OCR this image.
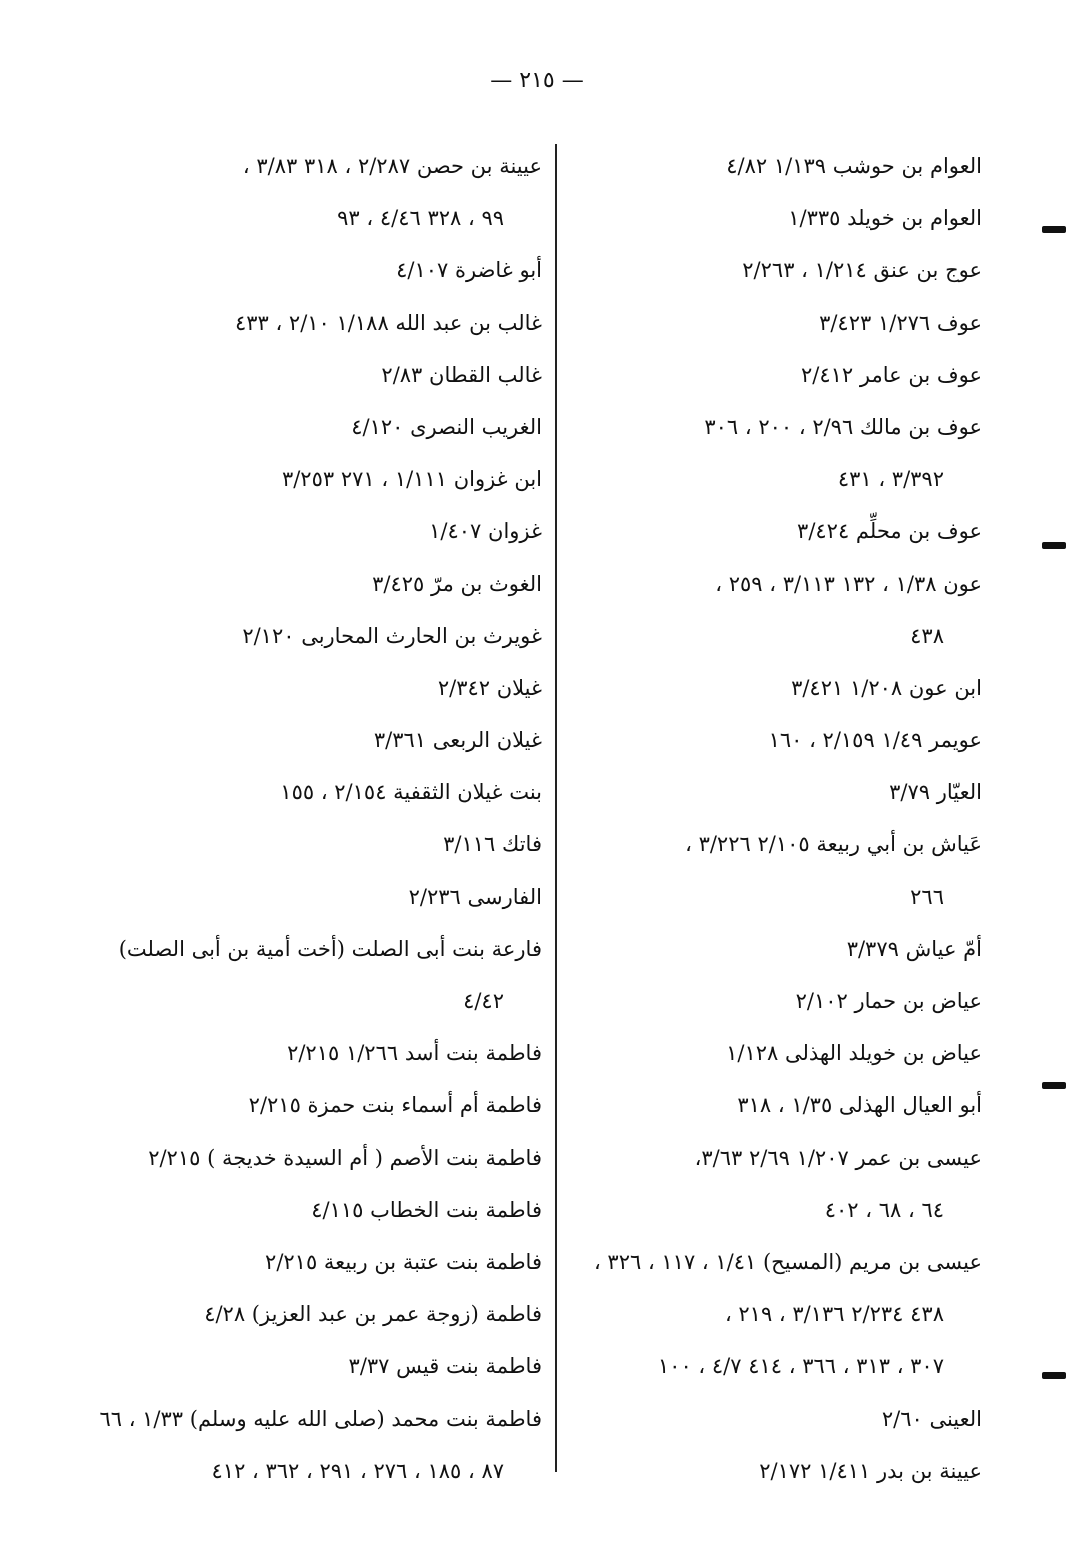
— ٢١٥ —
العوام بن حوشب ١/١٣٩ ٤/٨٢
العوام بن خويلد ١/٣٣٥
عوج بن عنق ١/٢١٤ ، ٢/٢٦٣
عوف ١/٢٧٦ ٣/٤٢٣
عوف بن عامر ٢/٤١٢
عوف بن مالك ٢/٩٦ ، ٢٠٠ ، ٣٠٦
٣/٣٩٢ ، ٤٣١
عوف بن محلِّم ٣/٤٢٤
عون ١/٣٨ ، ١٣٢ ٣/١١٣ ، ٢٥٩ ،
٤٣٨
ابن عون ١/٢٠٨ ٣/٤٢١
عويمر ١/٤٩ ٢/١٥٩ ، ١٦٠
العيّار ٣/٧٩
عَياش بن أبي ربيعة ٢/١٠٥ ٣/٢٢٦ ،
٢٦٦
أمّ عياش ٣/٣٧٩
عياض بن حمار ٢/١٠٢
عياض بن خويلد الهذلى ١/١٢٨
أبو العيال الهذلى ١/٣٥ ، ٣١٨
عيسى بن عمر ١/٢٠٧ ٢/٦٩ ٣/٦٣،
٦٤ ، ٦٨ ، ٤٠٢
عيسى بن مريم (المسيح) ١/٤١ ، ١١٧ ، ٣٢٦ ،
٤٣٨ ٢/٢٣٤ ٣/١٣٦ ، ٢١٩ ،
٣٠٧ ، ٣١٣ ، ٣٦٦ ، ٤١٤ ٤/٧ ، ١٠٠
العينى ٢/٦٠
عيينة بن بدر ١/٤١١ ٢/١٧٢
عيينة بن حصن ٢/٢٨٧ ، ٣١٨ ٣/٨٣ ،
٩٩ ، ٣٢٨ ٤/٤٦ ، ٩٣
أبو غاضرة ٤/١٠٧
غالب بن عبد الله ١/١٨٨ ٢/١٠ ، ٤٣٣
غالب القطان ٢/٨٣
الغريب النصرى ٤/١٢٠
ابن غزوان ١/١١١ ، ٢٧١ ٣/٢٥٣
غزوان ١/٤٠٧
الغوث بن مرّ ٣/٤٢٥
غويرث بن الحارث المحاربى ٢/١٢٠
غيلان ٢/٣٤٢
غيلان الربعى ٣/٣٦١
بنت غيلان الثقفية ٢/١٥٤ ، ١٥٥
فاتك ٣/١١٦
الفارسى ٢/٢٣٦
فارعة بنت أبى الصلت (أخت أمية بن أبى الصلت)
٤/٤٢
فاطمة بنت أسد ١/٢٦٦ ٢/٢١٥
فاطمة أم أسماء بنت حمزة ٢/٢١٥
فاطمة بنت الأصم ( أم السيدة خديجة ) ٢/٢١٥
فاطمة بنت الخطاب ٤/١١٥
فاطمة بنت عتبة بن ربيعة ٢/٢١٥
فاطمة (زوجة عمر بن عبد العزيز) ٤/٢٨
فاطمة بنت قيس ٣/٣٧
فاطمة بنت محمد (صلى الله عليه وسلم) ١/٣٣ ، ٦٦
٨٧ ، ١٨٥ ، ٢٧٦ ، ٢٩١ ، ٣٦٢ ، ٤١٢
